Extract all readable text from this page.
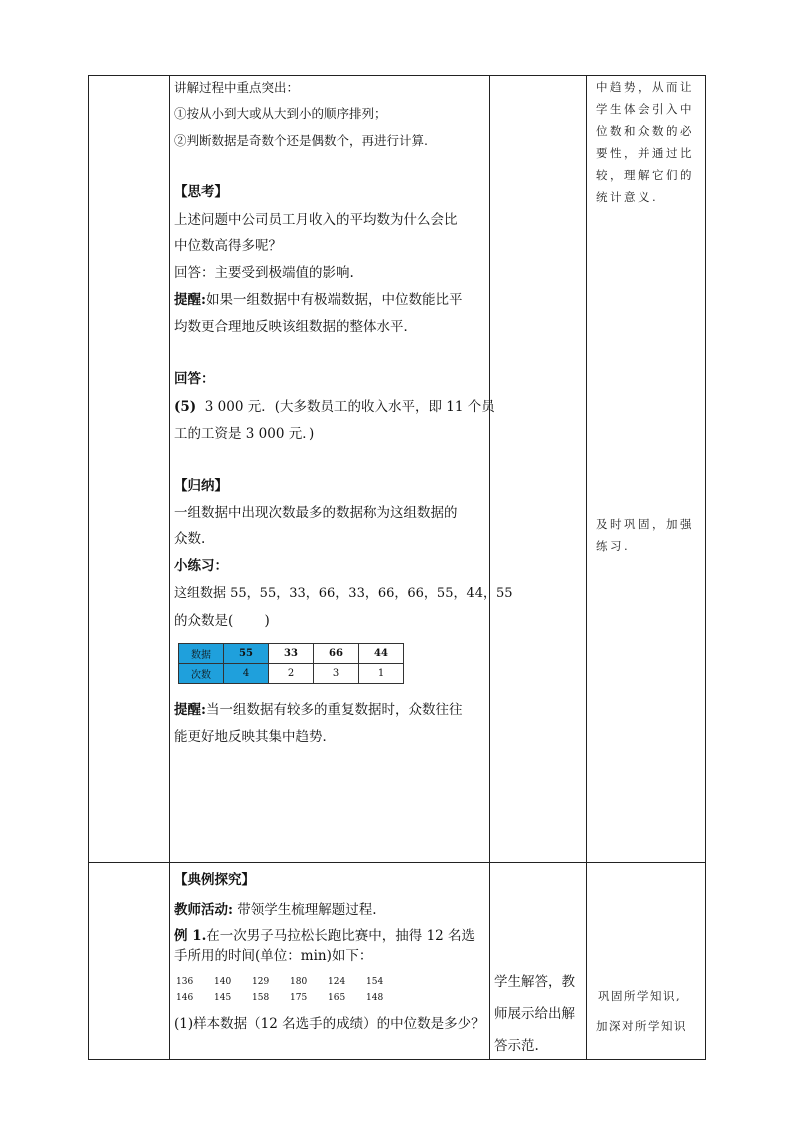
讲解过程中重点突出：
①按从小到大或从大到小的顺序排列；
②判断数据是奇数个还是偶数个，再进行计算.
【思考】
上述问题中公司员工月收入的平均数为什么会比
中位数高得多呢？
回答：主要受到极端值的影响.
提醒:如果一组数据中有极端数据，中位数能比平
均数更合理地反映该组数据的整体水平．
回答：
(5) 3 000 元．(大多数员工的收入水平，即 11 个员
工的工资是 3 000 元．)
【归纳】
一组数据中出现次数最多的数据称为这组数据的
众数.
小练习：
这组数据 55，55，33，66，33，66，66，55，44，55
的众数是(　　 )
数据	55	33	66	44
次数	4	2	3	1
提醒:当一组数据有较多的重复数据时，众数往往
能更好地反映其集中趋势．
中趋势，从而让
学生体会引入中
位数和众数的必
要性，并通过比
较，理解它们的
统计意义.
及时巩固，加强
练习.
【典例探究】
教师活动: 带领学生梳理解题过程.
例 1.在一次男子马拉松长跑比赛中，抽得 12 名选
手所用的时间(单位：min)如下：
136 140 129 180 124 154
146 145 158 175 165 148
(1)样本数据（12 名选手的成绩）的中位数是多少？
学生解答，教
师展示给出解
答示范.
巩固所学知识,
加深对所学知识
